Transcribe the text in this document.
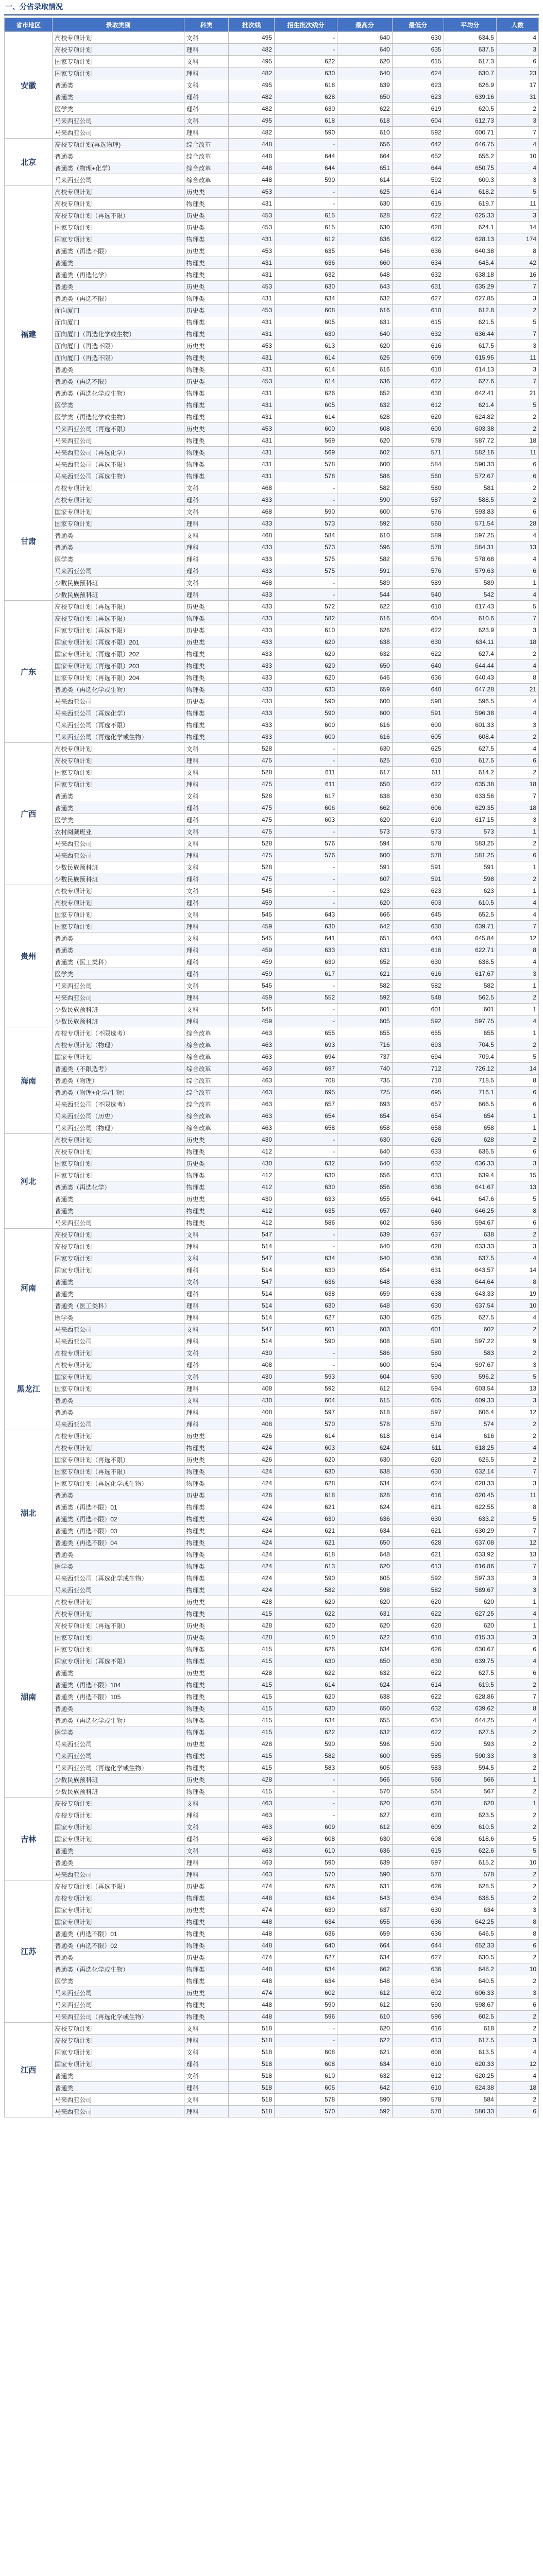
一、分省录取情况
省市地区	录取类别	科类	批次线	招生批次线分	最高分	最低分	平均分	人数
安徽	高校专项计划	文科	495	-	640	630	634.5	4
	高校专项计划	理科	482	-	640	635	637.5	3
	国家专项计划	文科	495	622	620	615	617.3	6
	国家专项计划	理科	482	630	640	624	630.7	23
	普通类	文科	495	618	639	623	626.9	17
	普通类	理科	482	628	650	623	639.16	31
	医学类	理科	482	630	622	619	620.5	2
	马来西亚公司	文科	495	618	618	604	612.73	3
	马来西亚公司	理科	482	590	610	592	600.71	7
北京	高校专项计划(再选物理)	综合改革	448	-	656	642	646.75	4
	普通类	综合改革	448	644	664	652	656.2	10
	普通类（物理+化学）	综合改革	448	644	651	644	650.75	4
	马来西亚公司	综合改革	448	590	614	592	600.3	3
福建	高校专项计划	历史类	453	-	625	614	618.2	5
	高校专项计划	物理类	431	-	630	615	619.7	11
	高校专项计划（再选不限）	历史类	453	615	628	622	625.33	3
	国家专项计划	历史类	453	615	630	620	624.1	14
	国家专项计划	物理类	431	612	636	622	628.13	174
	普通类（再选不限）	历史类	453	635	646	636	640.38	8
	普通类	物理类	431	636	660	634	645.4	42
	普通类（再选化学）	物理类	431	632	648	632	638.18	16
	普通类	历史类	453	630	643	631	635.29	7
	普通类（再选不限）	物理类	431	634	632	627	627.85	3
	面向厦门	历史类	453	608	616	610	612.8	2
	面向厦门	物理类	431	605	631	615	621.5	5
	面向厦门（再选化学或生物）	物理类	431	630	640	632	636.44	7
	面向厦门（再选不限）	历史类	453	613	620	616	617.5	3
	面向厦门（再选不限）	物理类	431	614	626	609	615.95	11
	普通类	物理类	431	614	616	610	614.13	3
	普通类（再选不限）	历史类	453	614	636	622	627.6	7
	普通类（再选化学或生物）	物理类	431	626	652	630	642.41	21
	医学类	物理类	431	605	632	612	621.4	5
	医学类（再选化学或生物）	物理类	431	614	628	620	624.82	2
	马来西亚公司（再选不限）	历史类	453	600	608	600	603.38	2
	马来西亚公司	物理类	431	569	620	578	587.72	18
	马来西亚公司（再选化学）	物理类	431	569	602	571	582.16	11
	马来西亚公司（再选不限）	物理类	431	578	600	584	590.33	6
	马来西亚公司（再选生物）	物理类	431	578	586	560	572.67	6
甘肃	高校专项计划	文科	468	-	582	580	581	2
	高校专项计划	理科	433	-	590	587	588.5	2
	国家专项计划	文科	468	590	600	576	593.83	6
	国家专项计划	理科	433	573	592	560	571.54	28
	普通类	文科	468	584	610	589	597.25	4
	普通类	理科	433	573	596	578	584.31	13
	医学类	理科	433	575	582	576	578.68	4
	马来西亚公司	理科	433	575	591	576	579.63	6
	少数民族预科班	文科	468	-	589	589	589	1
	少数民族预科班	理科	433	-	544	540	542	4
广东	高校专项计划（再选不限）	历史类	433	572	622	610	617.43	5
	高校专项计划（再选不限）	物理类	433	582	616	604	610.6	7
	国家专项计划（再选不限）	历史类	433	610	626	622	623.9	3
	国家专项计划（再选不限）201	历史类	433	620	638	630	634.11	18
	国家专项计划（再选不限）202	物理类	433	620	632	622	627.4	2
	国家专项计划（再选不限）203	物理类	433	620	650	640	644.44	4
	国家专项计划（再选不限）204	物理类	433	620	646	636	640.43	8
	普通类（再选化学或生物）	物理类	433	633	659	640	647.28	21
	马来西亚公司	历史类	433	590	600	590	596.5	4
	马来西亚公司（再选化学）	物理类	433	590	600	591	596.38	4
	马来西亚公司（再选不限）	物理类	433	600	616	600	601.33	3
	马来西亚公司（再选化学或生物）	物理类	433	600	616	605	608.4	2
广西	高校专项计划	文科	528	-	630	625	627.5	4
	高校专项计划	理科	475	-	625	610	617.5	6
	国家专项计划	文科	528	611	617	611	614.2	2
	国家专项计划	理科	475	611	650	622	635.38	18
	普通类	文科	528	617	638	630	633.56	7
	普通类	理科	475	606	662	606	629.35	18
	医学类	理科	475	603	620	610	617.15	3
	农村阅藏班业	文科	475	-	573	573	573	1
	马来西亚公司	文科	528	576	594	578	583.25	2
	马来西亚公司	理科	475	576	600	578	581.25	6
	少数民族预科班	文科	528	-	591	591	591	1
	少数民族预科班	理科	475	-	607	591	598	2
贵州	高校专项计划	文科	545	-	623	623	623	1
	高校专项计划	理科	459	-	620	603	610.5	4
	国家专项计划	文科	545	643	666	645	652.5	4
	国家专项计划	理科	459	630	642	630	639.71	7
	普通类	文科	545	641	651	643	645.84	12
	普通类	理科	459	633	631	616	622.71	8
	普通类（医工类科）	理科	459	630	652	630	638.5	4
	医学类	理科	459	617	621	616	617.67	3
	马来西亚公司	文科	545	-	582	582	582	1
	马来西亚公司	理科	459	552	592	548	562.5	2
	少数民族预科班	文科	545	-	601	601	601	1
	少数民族预科班	理科	459	-	605	592	597.75	4
海南	高校专项计划（不限选考）	综合改革	463	655	655	655	655	1
	高校专项计划（物理）	综合改革	463	693	716	693	704.5	2
	国家专项计划	综合改革	463	694	737	694	709.4	5
	普通类（不限选考）	综合改革	463	697	740	712	726.12	14
	普通类（物理）	综合改革	463	708	735	710	718.5	8
	普通类（物理+化学/生物）	综合改革	463	695	725	695	716.1	6
	马来西亚公司（不限选考）	综合改革	463	657	693	657	666.5	6
	马来西亚公司（历史）	综合改革	463	654	654	654	654	1
	马来西亚公司（物理）	综合改革	463	658	658	658	658	1
河北	高校专项计划	历史类	430	-	630	626	628	2
	高校专项计划	物理类	412	-	640	633	636.5	6
	国家专项计划	历史类	430	632	640	632	636.33	3
	国家专项计划	物理类	412	630	656	633	639.4	15
	普通类（再选化学）	物理类	412	630	656	636	641.67	13
	普通类	历史类	430	633	655	641	647.6	5
	普通类	物理类	412	635	657	640	646.25	8
	马来西亚公司	物理类	412	586	602	586	594.67	6
河南	高校专项计划	文科	547	-	639	637	638	2
	高校专项计划	理科	514	-	640	628	633.33	3
	国家专项计划	文科	547	634	640	636	637.5	4
	国家专项计划	理科	514	630	654	631	643.57	14
	普通类	文科	547	636	648	638	644.64	8
	普通类	理科	514	638	659	638	643.33	19
	普通类（医工类科）	理科	514	630	648	630	637.54	10
	医学类	理科	514	627	630	625	627.5	4
	马来西亚公司	文科	547	601	603	601	602	2
	马来西亚公司	理科	514	590	608	590	597.22	9
黑龙江	高校专项计划	文科	430	-	586	580	583	2
	高校专项计划	理科	408	-	600	594	597.67	3
	国家专项计划	文科	430	593	604	590	596.2	5
	国家专项计划	理科	408	592	612	594	603.54	13
	普通类	文科	430	604	615	605	609.33	3
	普通类	理科	408	597	618	597	606.4	12
	马来西亚公司	理科	408	570	578	570	574	2
湖北	高校专项计划	历史类	426	614	618	614	616	2
	高校专项计划	物理类	424	603	624	611	618.25	4
	国家专项计划（再选不限）	历史类	426	620	630	620	625.5	2
	国家专项计划（再选不限）	物理类	424	630	638	630	632.14	7
	国家专项计划（再选化学或生物）	物理类	424	628	634	624	628.33	3
	普通类	历史类	426	618	628	616	620.45	11
	普通类（再选不限）01	物理类	424	621	624	621	622.55	8
	普通类（再选不限）02	物理类	424	630	636	630	633.2	5
	普通类（再选不限）03	物理类	424	621	634	621	630.29	7
	普通类（再选不限）04	物理类	424	621	650	628	637.08	12
	普通类	物理类	424	618	648	621	633.92	13
	医学类	物理类	424	613	620	613	616.86	7
	马来西亚公司（再选化学或生物）	物理类	424	590	605	592	597.33	3
	马来西亚公司	物理类	424	582	598	582	589.67	3
湖南	高校专项计划	历史类	428	620	620	620	620	1
	高校专项计划	物理类	415	622	631	622	627.25	4
	高校专项计划（再选不限）	历史类	428	620	620	620	620	1
	国家专项计划	历史类	428	610	622	610	615.33	3
	国家专项计划	物理类	415	626	634	626	630.67	6
	国家专项计划（再选不限）	物理类	415	630	650	630	639.75	4
	普通类	历史类	428	622	632	622	627.5	6
	普通类（再选不限）104	物理类	415	614	624	614	619.5	2
	普通类（再选不限）105	物理类	415	620	638	622	628.86	7
	普通类	物理类	415	630	650	632	639.62	8
	普通类（再选化学或生物）	物理类	415	634	655	634	644.25	4
	医学类	物理类	415	622	632	622	627.5	2
	马来西亚公司	历史类	428	590	596	590	593	2
	马来西亚公司	物理类	415	582	600	585	590.33	3
	马来西亚公司（再选化学或生物）	物理类	415	583	605	583	594.5	2
	少数民族预科班	历史类	428	-	566	566	566	1
	少数民族预科班	物理类	415	-	570	564	567	2
吉林	高校专项计划	文科	463	-	620	620	620	1
	高校专项计划	理科	463	-	627	620	623.5	2
	国家专项计划	文科	463	609	612	609	610.5	2
	国家专项计划	理科	463	608	630	608	618.6	5
	普通类	文科	463	610	636	615	622.6	5
	普通类	理科	463	590	639	597	615.2	10
	马来西亚公司	理科	463	570	590	570	578	2
江苏	高校专项计划（再选不限）	历史类	474	626	631	626	628.5	2
	高校专项计划	物理类	448	634	643	634	638.5	2
	国家专项计划	历史类	474	630	637	630	634	3
	国家专项计划	物理类	448	634	655	636	642.25	8
	普通类（再选不限）01	物理类	448	636	659	636	646.5	8
	普通类（再选不限）02	物理类	448	640	664	644	652.33	6
	普通类	历史类	474	627	634	627	630.5	2
	普通类（再选化学或生物）	物理类	448	634	662	636	648.2	10
	医学类	物理类	448	634	648	634	640.5	2
	马来西亚公司	历史类	474	602	612	602	606.33	3
	马来西亚公司	物理类	448	590	612	590	598.67	6
	马来西亚公司（再选化学或生物）	物理类	448	596	610	596	602.5	2
江西	高校专项计划	文科	518	-	620	616	618	2
	高校专项计划	理科	518	-	622	613	617.5	3
	国家专项计划	文科	518	608	621	608	613.5	4
	国家专项计划	理科	518	608	634	610	620.33	12
	普通类	文科	518	610	632	612	620.25	4
	普通类	理科	518	605	642	610	624.38	18
	马来西亚公司	文科	518	578	590	578	584	2
	马来西亚公司	理科	518	570	592	570	580.33	6
